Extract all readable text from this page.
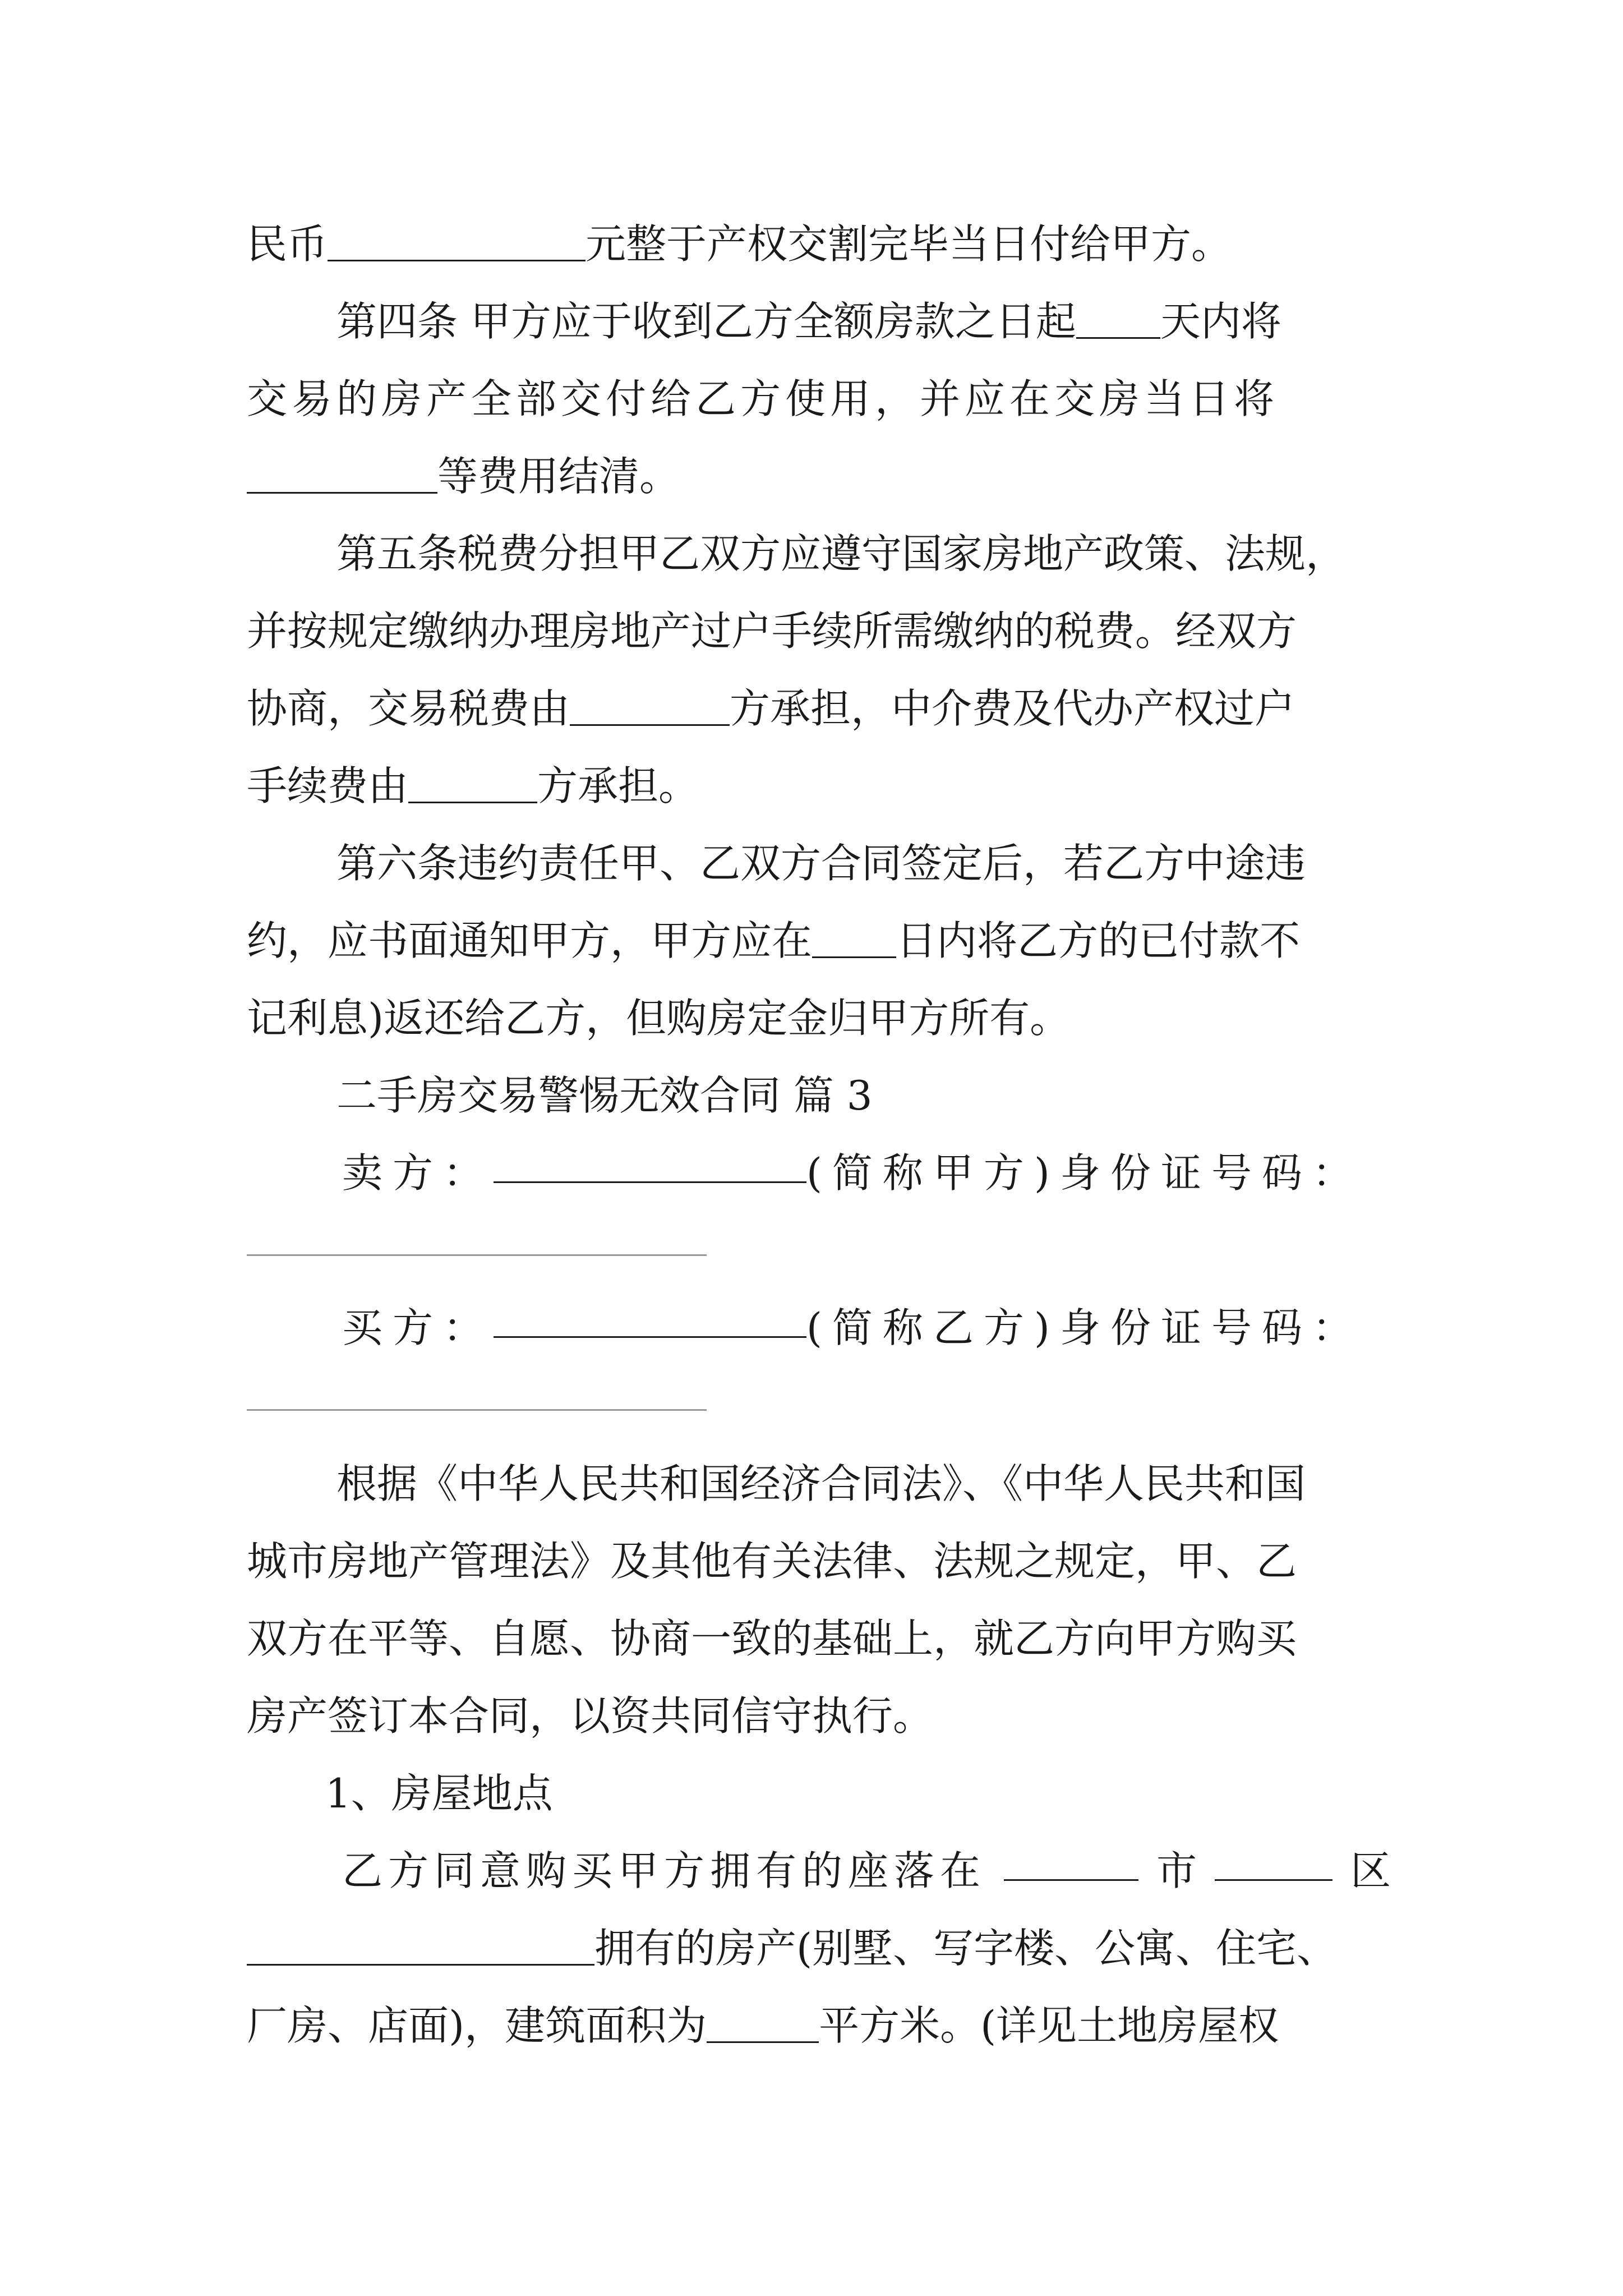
民币	元整于产权交割完毕当日付给甲方。
第四条 甲方应于收到乙方全额房款之日起 天内将
交易的房产全部交付给乙方使用，并应在交房当日将
等费用结清。
第五条税费分担甲乙双方应遵守国家房地产政策、法规，
并按规定缴纳办理房地产过户手续所需缴纳的税费。经双方
协商，交易税费由	方承担，中介费及代办产权过户
手续费由	方承担。
第六条违约责任甲、乙双方合同签定后，若乙方中途违
约，应书面通知甲方，甲方应在 日内将乙方的已付款不
记利息)返还给乙方，但购房定金归甲方所有。
二手房交易警惕无效合同 篇 3
卖方：	(简称甲方)身份证号码：
买方：	(简称乙方)身份证号码：
根据《中华人民共和国经济合同法》、《中华人民共和国
城市房地产管理法》及其他有关法律、法规之规定，甲、乙
双方在平等、自愿、协商一致的基础上，就乙方向甲方购买
房产签订本合同，以资共同信守执行。
1、房屋地点
乙方同意购买甲方拥有的座落在	市	区
拥有的房产(别墅、写字楼、公寓、住宅、
厂房、店面)，建筑面积为	平方米。(详见土地房屋权
